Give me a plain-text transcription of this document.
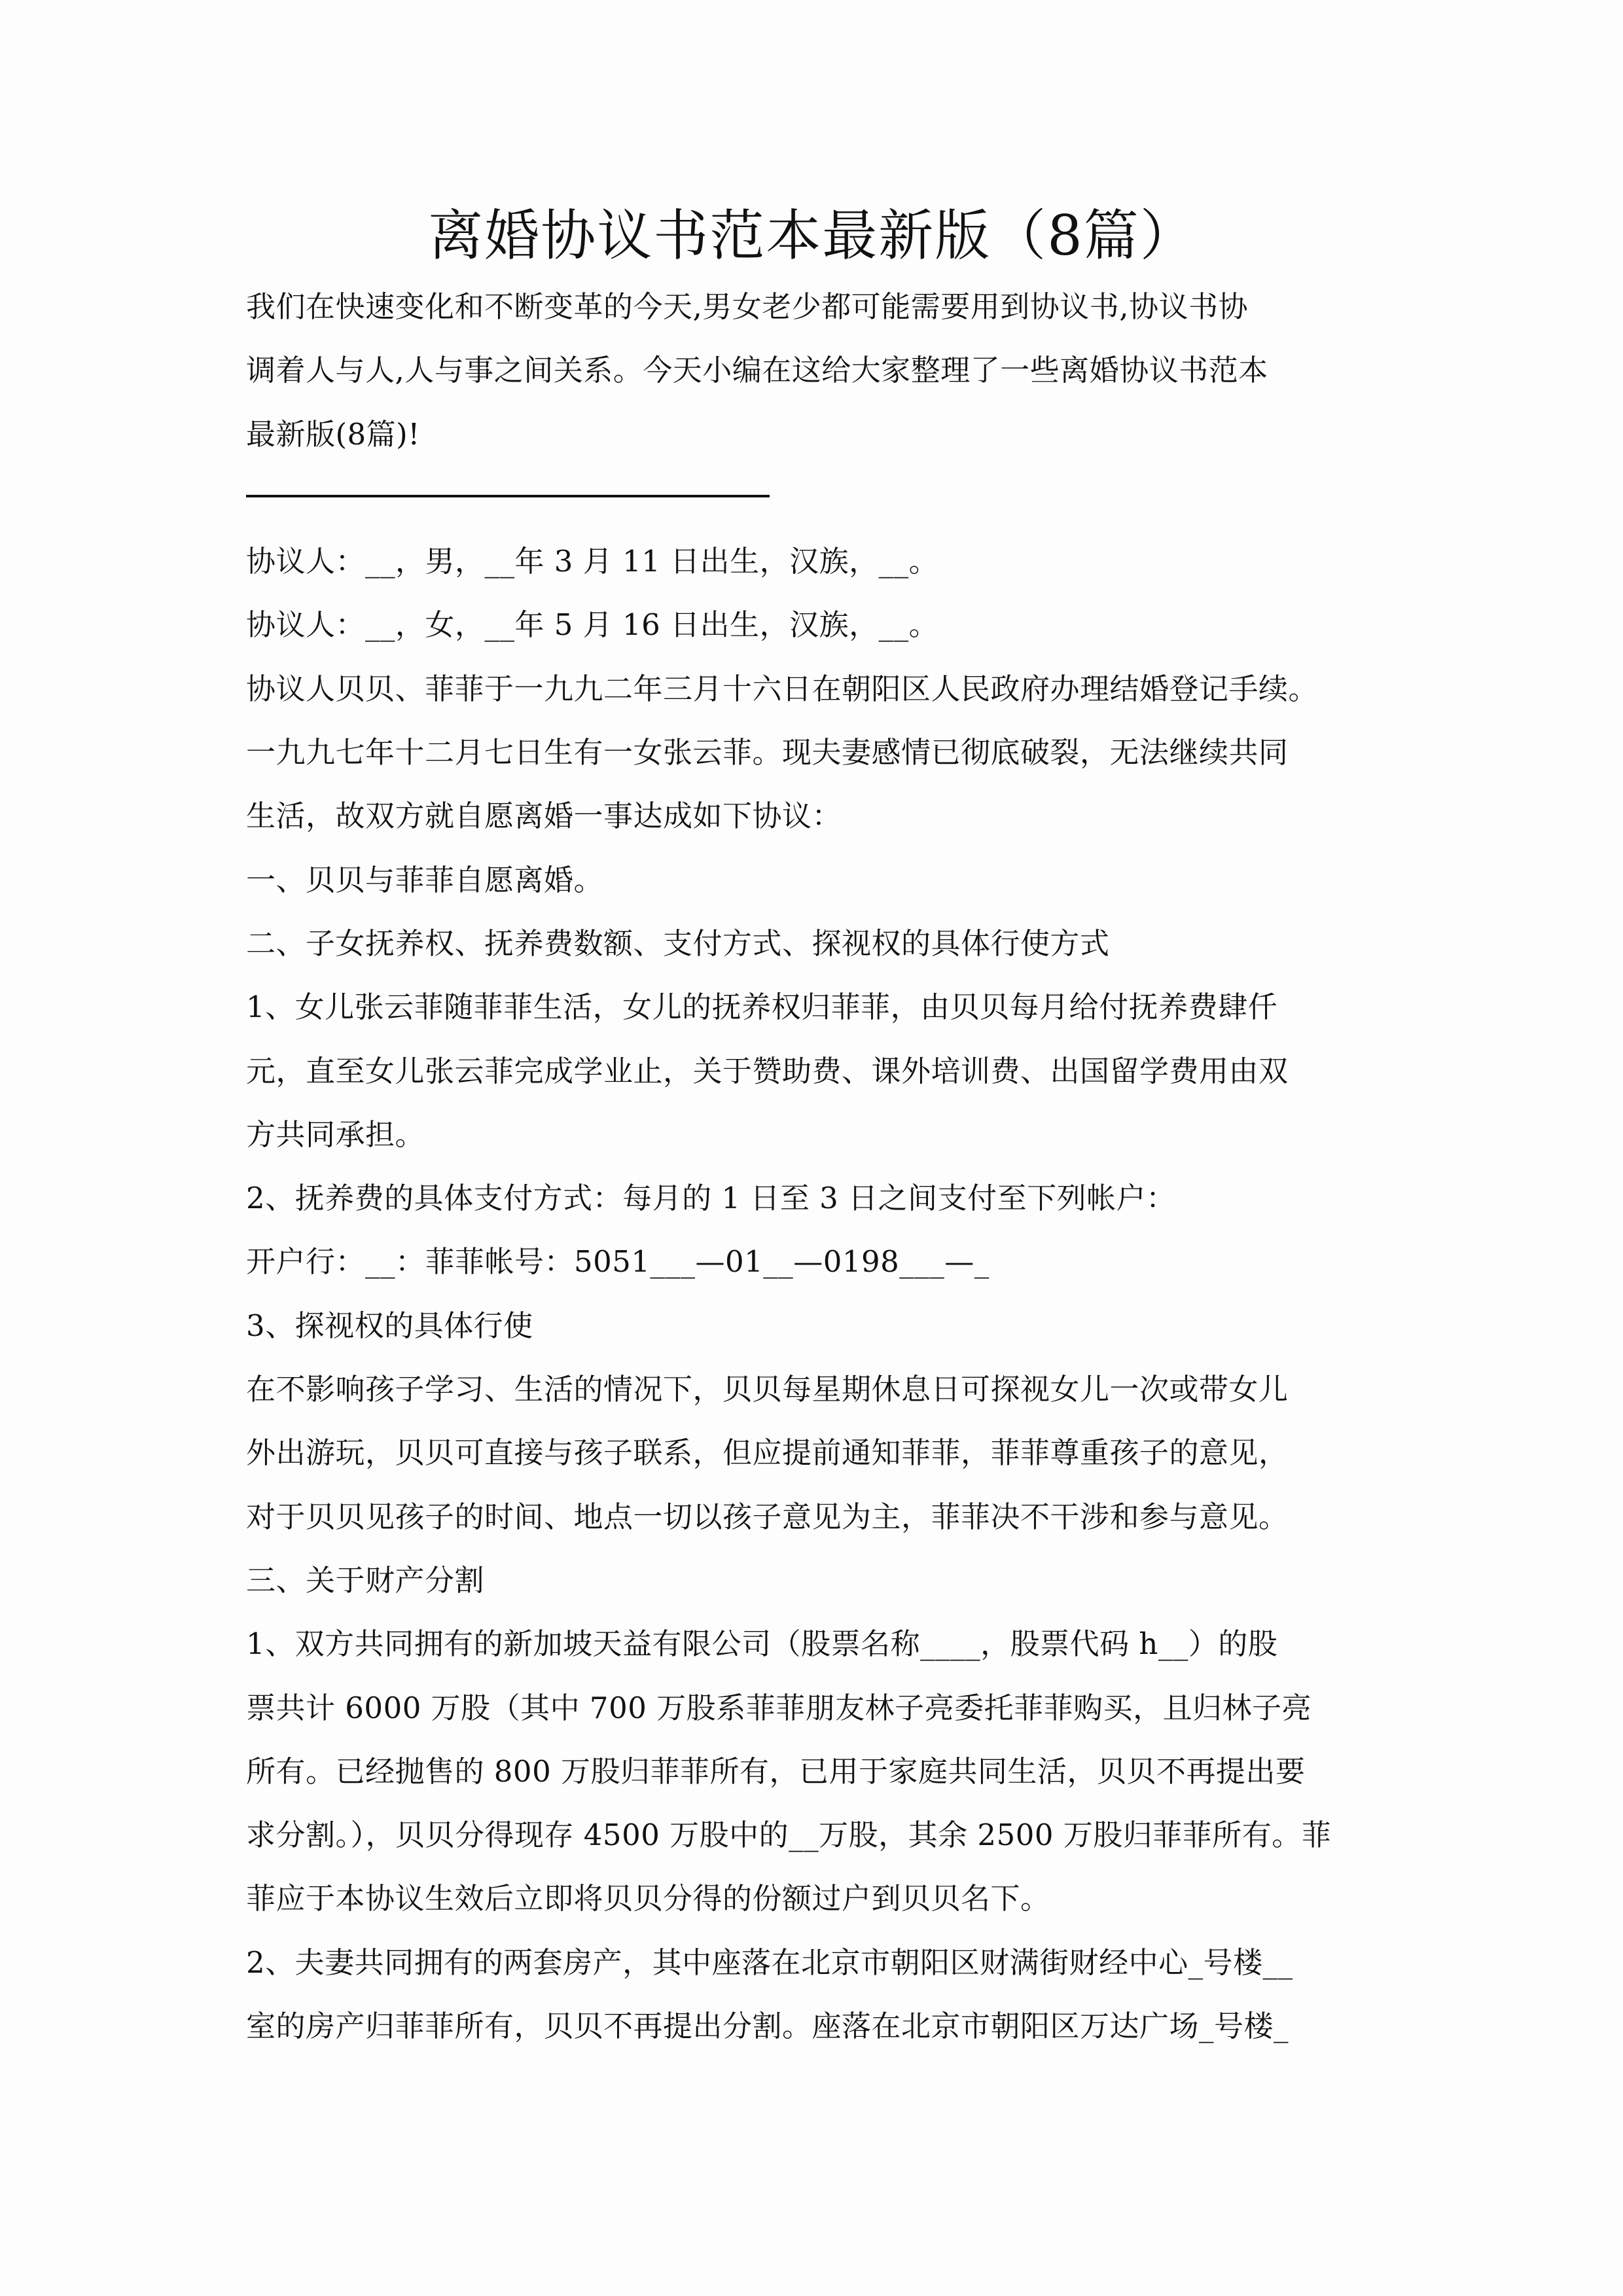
离婚协议书范本最新版（8篇）
我们在快速变化和不断变革的今天,男女老少都可能需要用到协议书,协议书协
调着人与人,人与事之间关系。今天小编在这给大家整理了一些离婚协议书范本
最新版(8篇)!
协议人：__，男，__年 3 月 11 日出生，汉族，__。
协议人：__，女，__年 5 月 16 日出生，汉族，__。
协议人贝贝、菲菲于一九九二年三月十六日在朝阳区人民政府办理结婚登记手续。
一九九七年十二月七日生有一女张云菲。现夫妻感情已彻底破裂，无法继续共同
生活，故双方就自愿离婚一事达成如下协议：
一、贝贝与菲菲自愿离婚。
二、子女抚养权、抚养费数额、支付方式、探视权的具体行使方式
1、女儿张云菲随菲菲生活，女儿的抚养权归菲菲，由贝贝每月给付抚养费肆仟
元，直至女儿张云菲完成学业止，关于赞助费、课外培训费、出国留学费用由双
方共同承担。
2、抚养费的具体支付方式：每月的 1 日至 3 日之间支付至下列帐户：
开户行：__：菲菲帐号：5051___—01__—0198___—_
3、探视权的具体行使
在不影响孩子学习、生活的情况下，贝贝每星期休息日可探视女儿一次或带女儿
外出游玩，贝贝可直接与孩子联系，但应提前通知菲菲，菲菲尊重孩子的意见，
对于贝贝见孩子的时间、地点一切以孩子意见为主，菲菲决不干涉和参与意见。
三、关于财产分割
1、双方共同拥有的新加坡天益有限公司（股票名称____，股票代码 h__）的股
票共计 6000 万股（其中 700 万股系菲菲朋友林子亮委托菲菲购买，且归林子亮
所有。已经抛售的 800 万股归菲菲所有，已用于家庭共同生活，贝贝不再提出要
求分割。），贝贝分得现存 4500 万股中的__万股，其余 2500 万股归菲菲所有。菲
菲应于本协议生效后立即将贝贝分得的份额过户到贝贝名下。
2、夫妻共同拥有的两套房产，其中座落在北京市朝阳区财满街财经中心_号楼__
室的房产归菲菲所有，贝贝不再提出分割。座落在北京市朝阳区万达广场_号楼_
